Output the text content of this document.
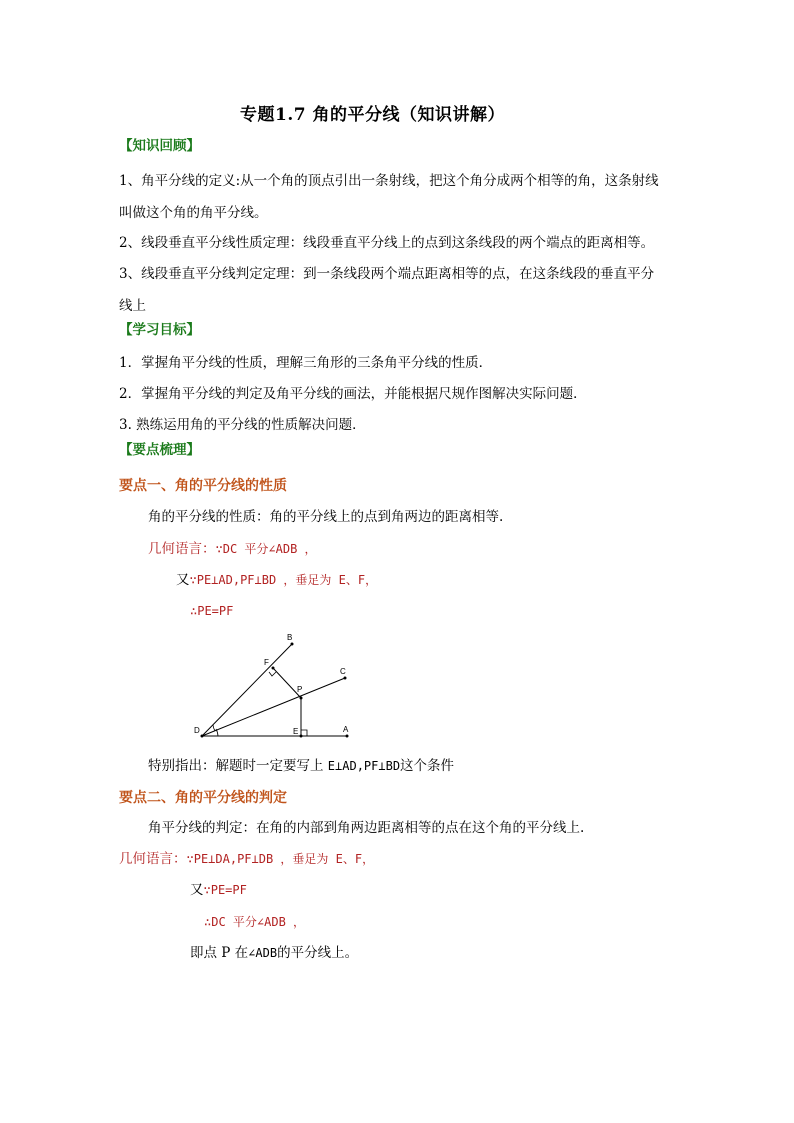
专题1.7 角的平分线（知识讲解）
【知识回顾】
1、角平分线的定义:从一个角的顶点引出一条射线，把这个角分成两个相等的角，这条射线
叫做这个角的角平分线。
2、线段垂直平分线性质定理：线段垂直平分线上的点到这条线段的两个端点的距离相等。
3、线段垂直平分线判定定理：到一条线段两个端点距离相等的点，在这条线段的垂直平分
线上
【学习目标】
1．掌握角平分线的性质，理解三角形的三条角平分线的性质．
2．掌握角平分线的判定及角平分线的画法，并能根据尺规作图解决实际问题．
3. 熟练运用角的平分线的性质解决问题．
【要点梳理】
要点一、角的平分线的性质
角的平分线的性质：角的平分线上的点到角两边的距离相等.
几何语言：∵DC 平分∠ADB ，
又∵PE⊥AD,PF⊥BD ，垂足为 E、F，
∴PE=PF
B
F
C
P
D	E	A
特别指出：解题时一定要写上 E⊥AD,PF⊥BD这个条件
要点二、角的平分线的判定
角平分线的判定：在角的内部到角两边距离相等的点在这个角的平分线上.
几何语言：∵PE⊥DA,PF⊥DB ，垂足为 E、F，
又∵PE=PF
∴DC 平分∠ADB ，
即点 P 在∠ADB的平分线上。
